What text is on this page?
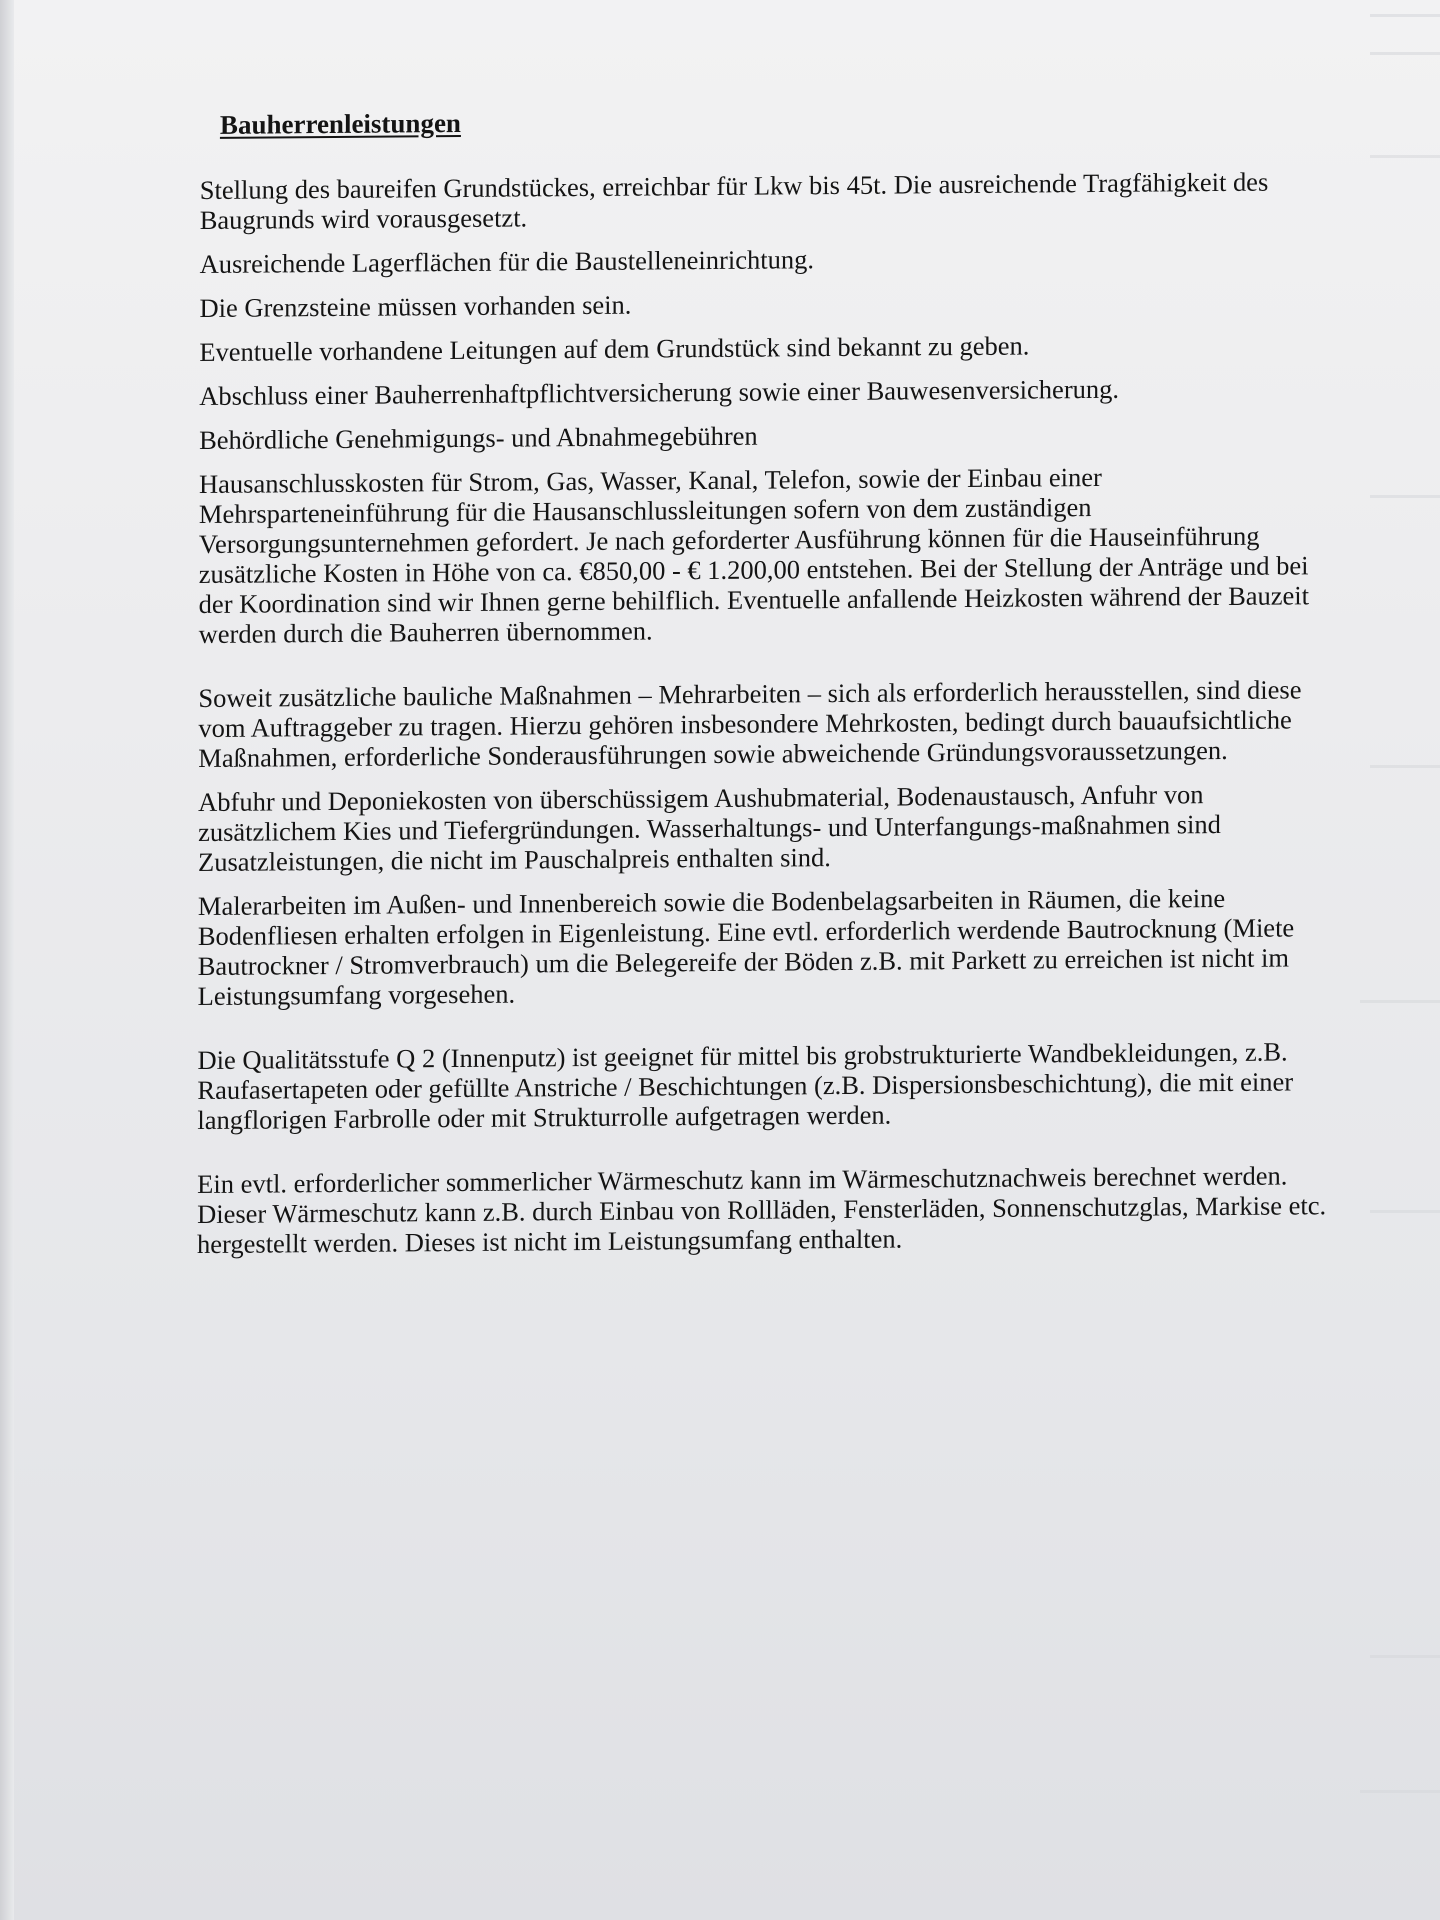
Bauherrenleistungen

Stellung des baureifen Grundstückes, erreichbar für Lkw bis 45t. Die ausreichende Tragfähigkeit des Baugrunds wird vorausgesetzt.

Ausreichende Lagerflächen für die Baustelleneinrichtung.

Die Grenzsteine müssen vorhanden sein.

Eventuelle vorhandene Leitungen auf dem Grundstück sind bekannt zu geben.

Abschluss einer Bauherrenhaftpflichtversicherung sowie einer Bauwesenversicherung.

Behördliche Genehmigungs- und Abnahmegebühren

Hausanschlusskosten für Strom, Gas, Wasser, Kanal, Telefon, sowie der Einbau einer Mehrsparteneinführung für die Hausanschlussleitungen sofern von dem zuständigen Versorgungsunternehmen gefordert. Je nach geforderter Ausführung können für die Hauseinführung zusätzliche Kosten in Höhe von ca. €850,00 - € 1.200,00 entstehen. Bei der Stellung der Anträge und bei der Koordination sind wir Ihnen gerne behilflich. Eventuelle anfallende Heizkosten während der Bauzeit werden durch die Bauherren übernommen.

Soweit zusätzliche bauliche Maßnahmen – Mehrarbeiten – sich als erforderlich herausstellen, sind diese vom Auftraggeber zu tragen. Hierzu gehören insbesondere Mehrkosten, bedingt durch bauaufsichtliche Maßnahmen, erforderliche Sonderausführungen sowie abweichende Gründungsvoraussetzungen.

Abfuhr und Deponiekosten von überschüssigem Aushubmaterial, Bodenaustausch, Anfuhr von zusätzlichem Kies und Tiefergründungen. Wasserhaltungs- und Unterfangungs-maßnahmen sind Zusatzleistungen, die nicht im Pauschalpreis enthalten sind.

Malerarbeiten im Außen- und Innenbereich sowie die Bodenbelagsarbeiten in Räumen, die keine Bodenfliesen erhalten erfolgen in Eigenleistung. Eine evtl. erforderlich werdende Bautrocknung (Miete Bautrockner / Stromverbrauch) um die Belegereife der Böden z.B. mit Parkett zu erreichen ist nicht im Leistungsumfang vorgesehen.

Die Qualitätsstufe Q 2 (Innenputz) ist geeignet für mittel bis grobstrukturierte Wandbekleidungen, z.B. Raufasertapeten oder gefüllte Anstriche / Beschichtungen (z.B. Dispersionsbeschichtung), die mit einer langflorigen Farbrolle oder mit Strukturrolle aufgetragen werden.

Ein evtl. erforderlicher sommerlicher Wärmeschutz kann im Wärmeschutznachweis berechnet werden. Dieser Wärmeschutz kann z.B. durch Einbau von Rollläden, Fensterläden, Sonnenschutzglas, Markise etc. hergestellt werden. Dieses ist nicht im Leistungsumfang enthalten.
